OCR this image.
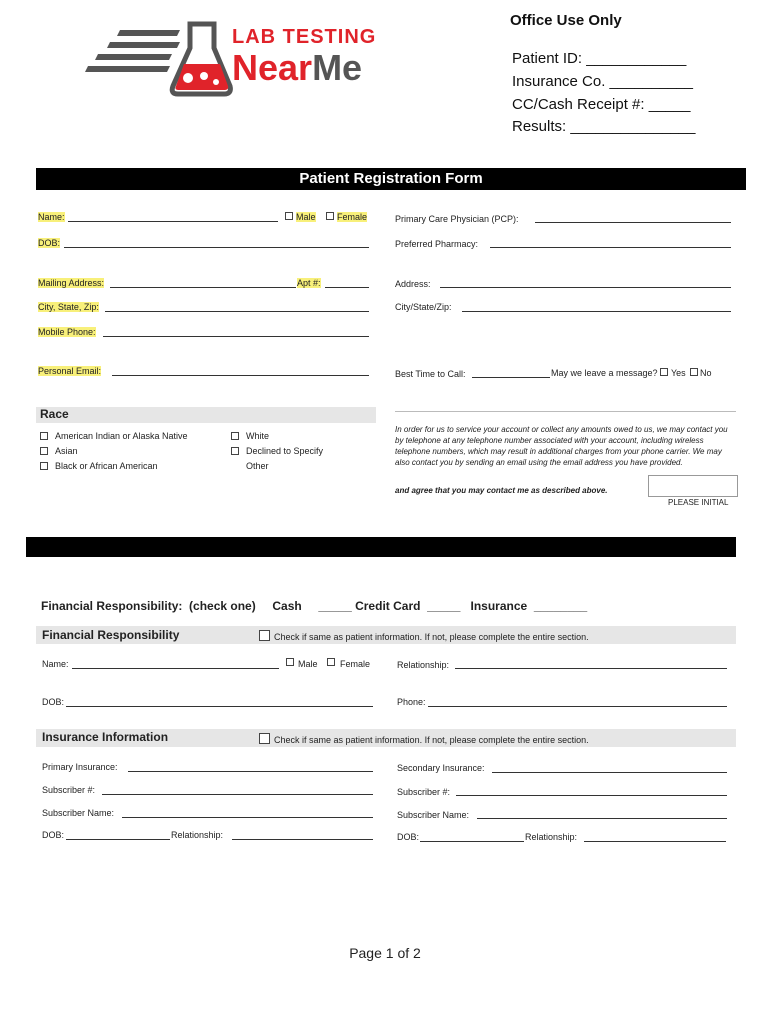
LAB TESTING
NearMe
Office Use Only
Patient ID: ____________
Insurance Co. __________
CC/Cash Receipt #: _____
Results: _______________
Patient Registration Form
Name:	Male Female	Primary Care Physician (PCP):
DOB:	Preferred Pharmacy:
Mailing Address:	Apt #:	Address:
City, State, Zip:	City/State/Zip:
Mobile Phone:
Personal Email:	Best Time to Call:	May we leave a message? Yes No
Race
American Indian or Alaska Native
Asian
Black or African American
White
Declined to Specify
Other
In order for us to service your account or collect any amounts owed to us, we may contact you by telephone at any telephone number associated with your account, including wireless telephone numbers, which may result in additional charges from your phone carrier. We may also contact you by sending an email using the email address you have provided.
and agree that you may contact me as described above.
PLEASE INITIAL
Financial Responsibility:  (check one)     Cash     _____ Credit Card  _____   Insurance  ________
Financial Responsibility	Check if same as patient information. If not, please complete the entire section.
Name:	Male Female	Relationship:
DOB:	Phone:
Insurance Information	Check if same as patient information. If not, please complete the entire section.
Primary Insurance:	Secondary Insurance:
Subscriber #:	Subscriber #:
Subscriber Name:	Subscriber Name:
DOB:	Relationship:	DOB:	Relationship:
Page 1 of 2
